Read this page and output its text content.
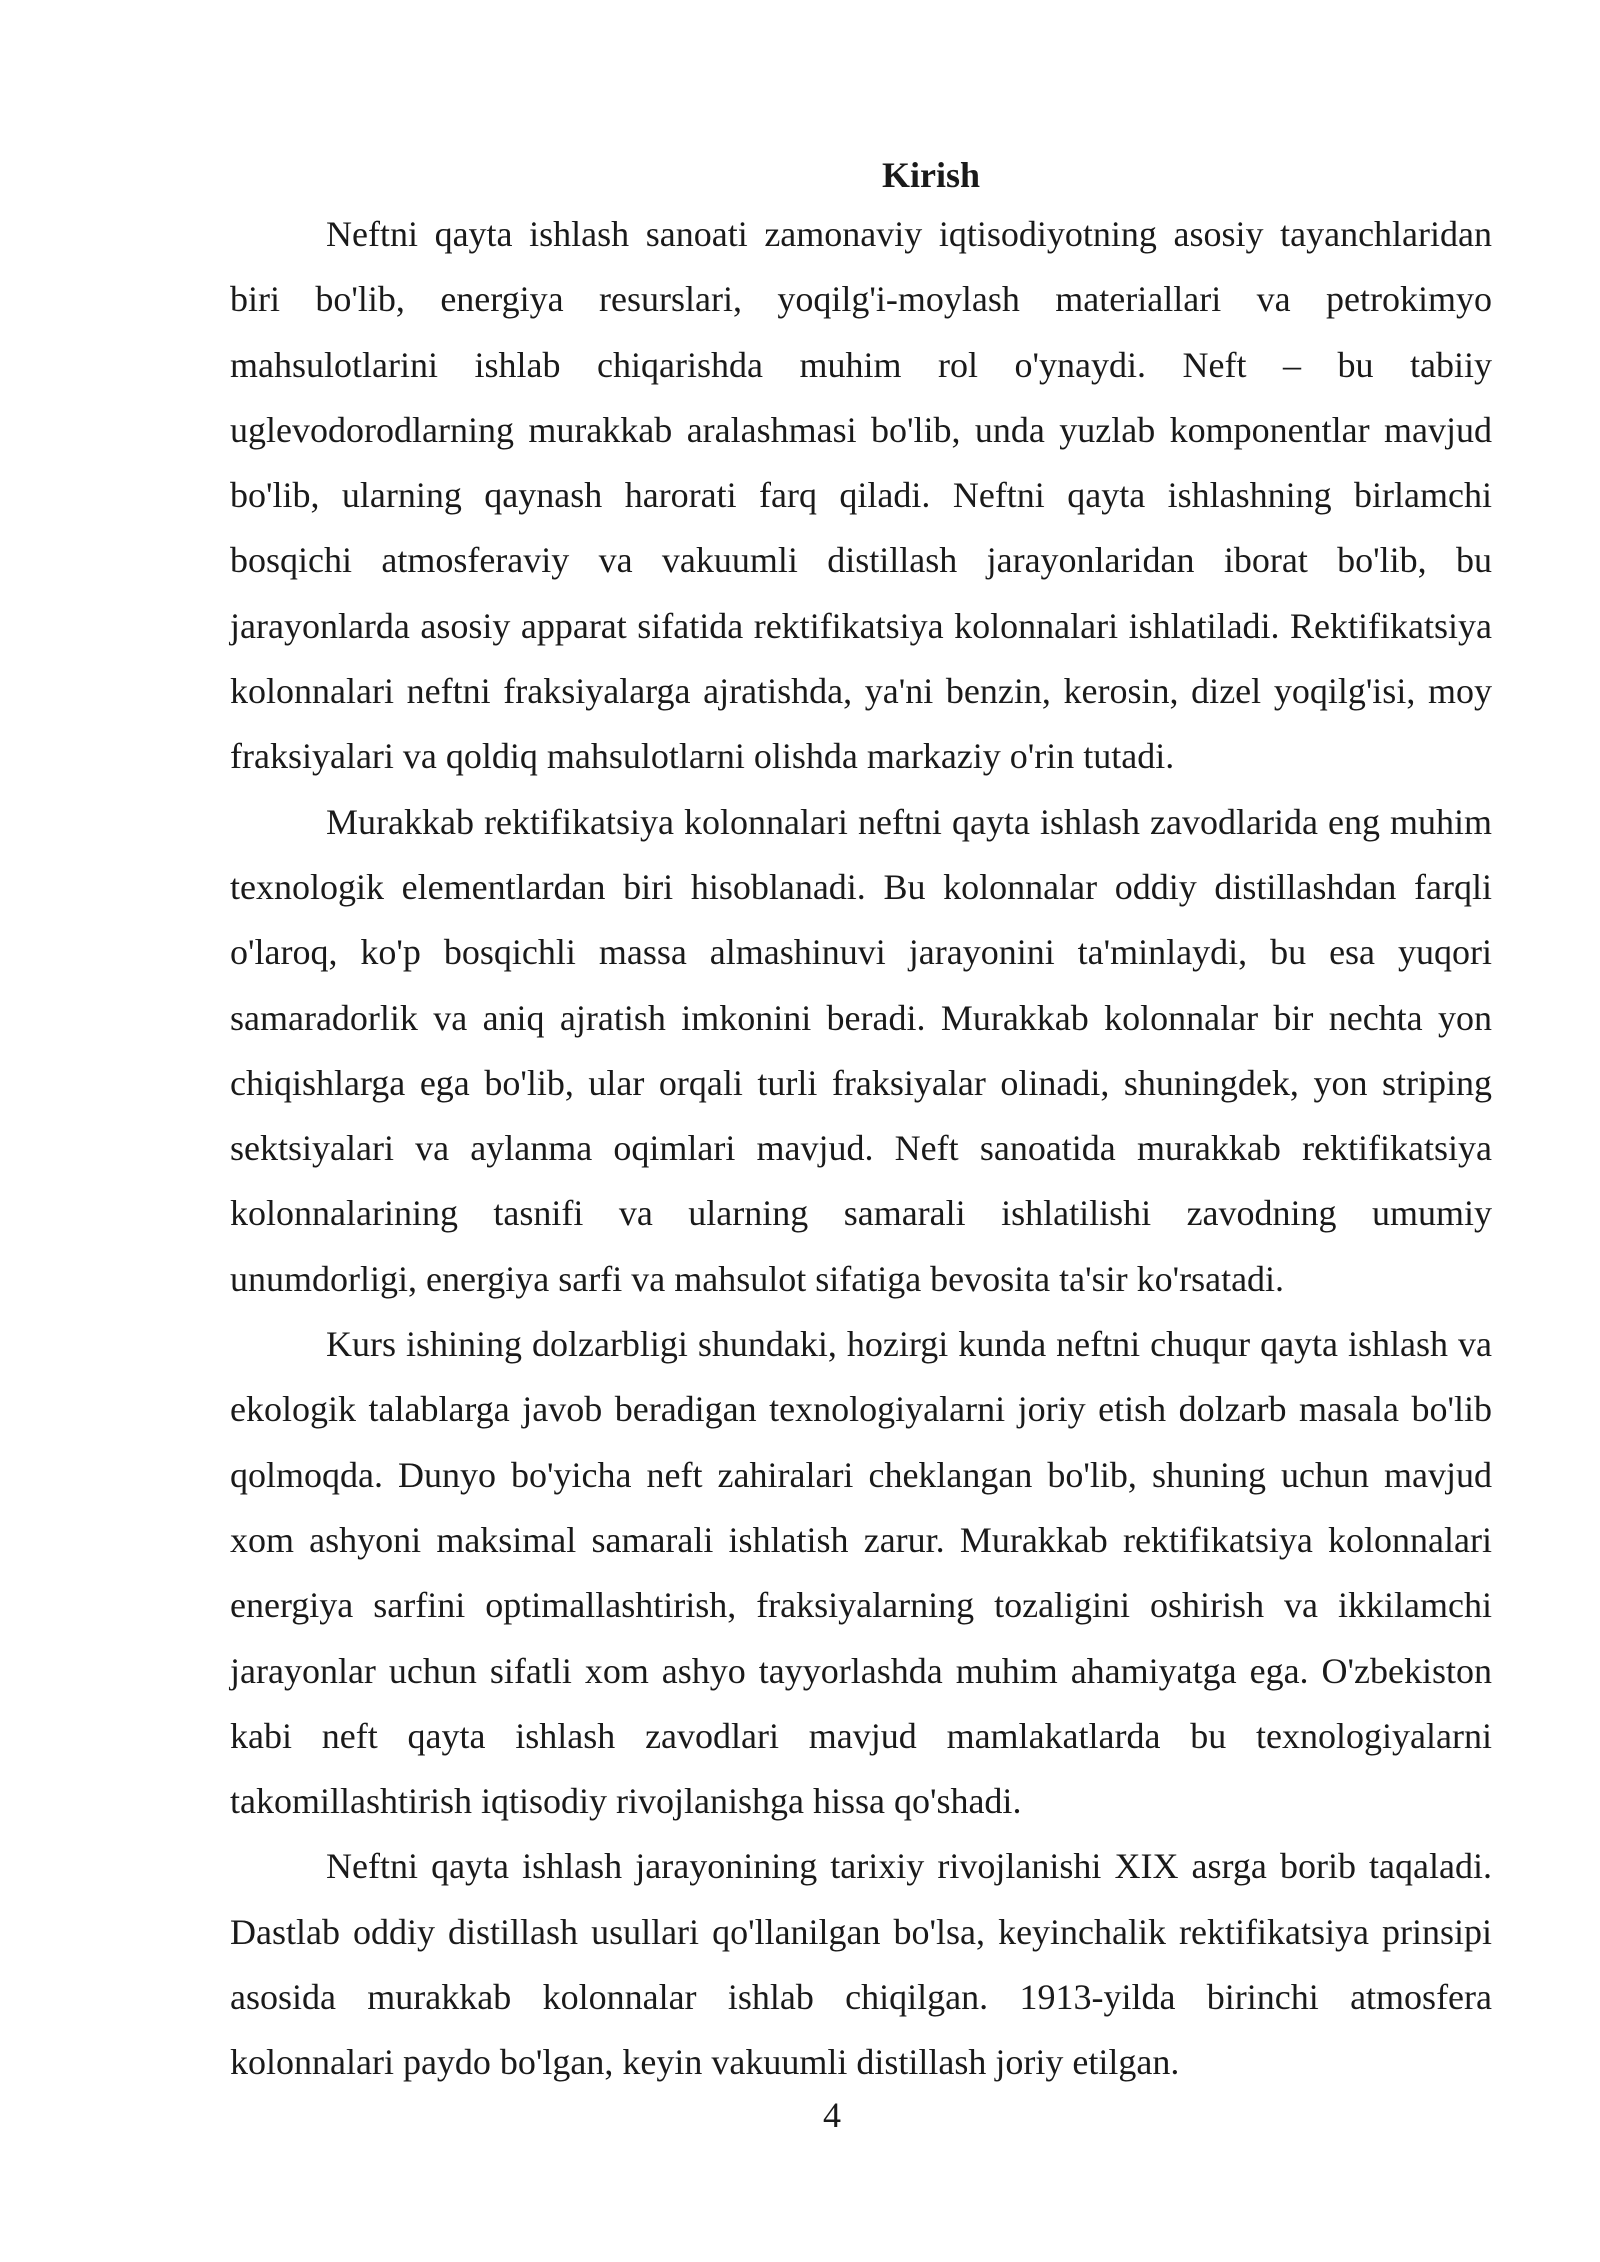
Kirish

Neftni qayta ishlash sanoati zamonaviy iqtisodiyotning asosiy tayanchlaridan biri bo'lib, energiya resurslari, yoqilg'i-moylash materiallari va petrokimyo mahsulotlarini ishlab chiqarishda muhim rol o'ynaydi. Neft – bu tabiiy uglevodorodlarning murakkab aralashmasi bo'lib, unda yuzlab komponentlar mavjud bo'lib, ularning qaynash harorati farq qiladi. Neftni qayta ishlashning birlamchi bosqichi atmosferaviy va vakuumli distillash jarayonlaridan iborat bo'lib, bu jarayonlarda asosiy apparat sifatida rektifikatsiya kolonnalari ishlatiladi. Rektifikatsiya kolonnalari neftni fraksiyalarga ajratishda, ya'ni benzin, kerosin, dizel yoqilg'isi, moy fraksiyalari va qoldiq mahsulotlarni olishda markaziy o'rin tutadi.

Murakkab rektifikatsiya kolonnalari neftni qayta ishlash zavodlarida eng muhim texnologik elementlardan biri hisoblanadi. Bu kolonnalar oddiy distillashdan farqli o'laroq, ko'p bosqichli massa almashinuvi jarayonini ta'minlaydi, bu esa yuqori samaradorlik va aniq ajratish imkonini beradi. Murakkab kolonnalar bir nechta yon chiqishlarga ega bo'lib, ular orqali turli fraksiyalar olinadi, shuningdek, yon striping sektsiyalari va aylanma oqimlari mavjud. Neft sanoatida murakkab rektifikatsiya kolonnalarining tasnifi va ularning samarali ishlatilishi zavodning umumiy unumdorligi, energiya sarfi va mahsulot sifatiga bevosita ta'sir ko'rsatadi.

Kurs ishining dolzarbligi shundaki, hozirgi kunda neftni chuqur qayta ishlash va ekologik talablarga javob beradigan texnologiyalarni joriy etish dolzarb masala bo'lib qolmoqda. Dunyo bo'yicha neft zahiralari cheklangan bo'lib, shuning uchun mavjud xom ashyoni maksimal samarali ishlatish zarur. Murakkab rektifikatsiya kolonnalari energiya sarfini optimallashtirish, fraksiyalarning tozaligini oshirish va ikkilamchi jarayonlar uchun sifatli xom ashyo tayyorlashda muhim ahamiyatga ega. O'zbekiston kabi neft qayta ishlash zavodlari mavjud mamlakatlarda bu texnologiyalarni takomillashtirish iqtisodiy rivojlanishga hissa qo'shadi.

Neftni qayta ishlash jarayonining tarixiy rivojlanishi XIX asrga borib taqaladi. Dastlab oddiy distillash usullari qo'llanilgan bo'lsa, keyinchalik rektifikatsiya prinsipi asosida murakkab kolonnalar ishlab chiqilgan. 1913-yilda birinchi atmosfera kolonnalari paydo bo'lgan, keyin vakuumli distillash joriy etilgan.

4
